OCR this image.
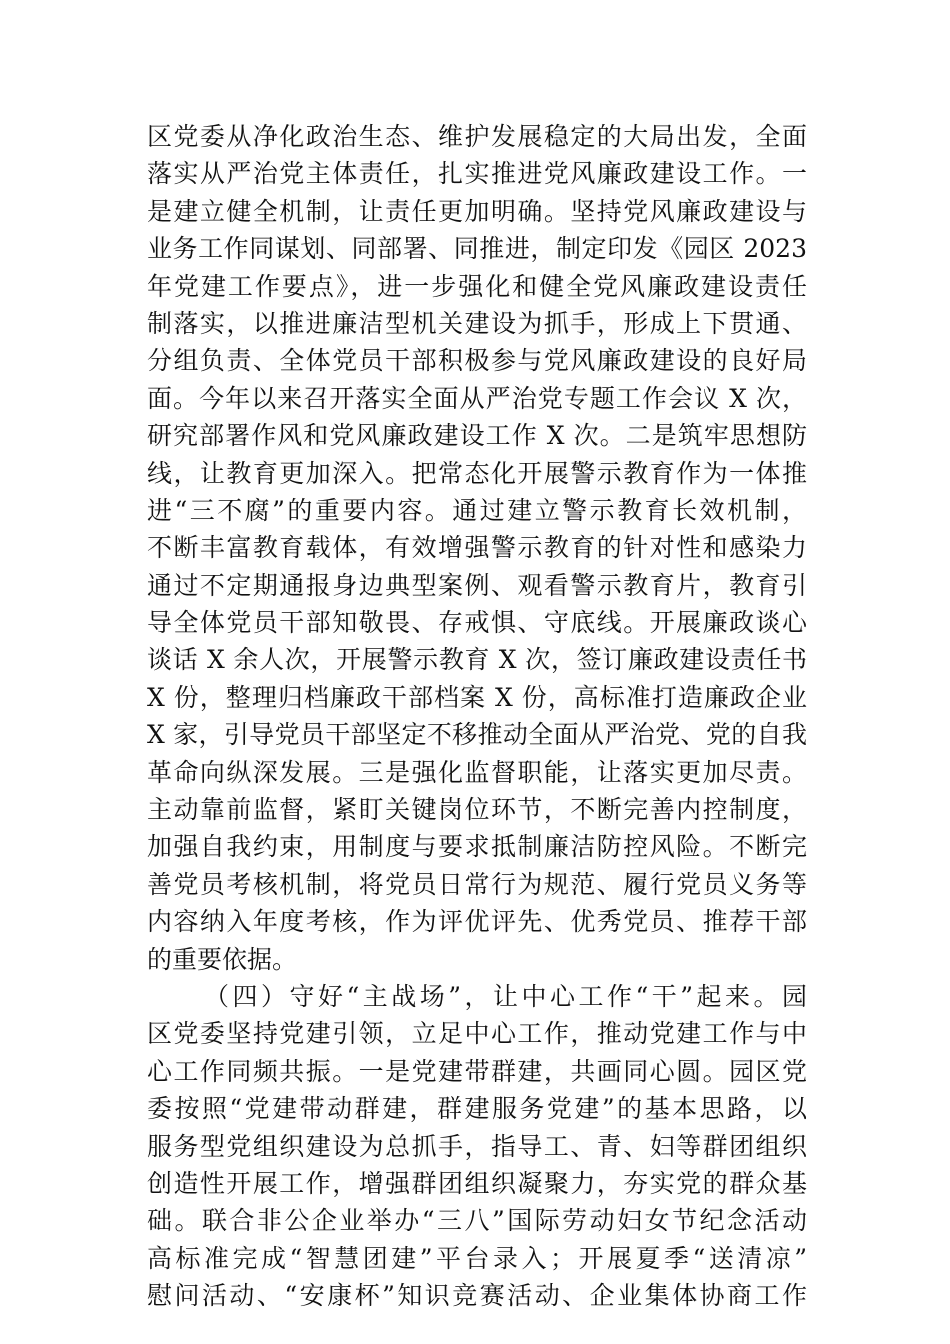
区党委从净化政治生态、维护发展稳定的大局出发，全面
落实从严治党主体责任，扎实推进党风廉政建设工作。一
是建立健全机制，让责任更加明确。坚持党风廉政建设与
业务工作同谋划、同部署、同推进，制定印发《园区 2023
年党建工作要点》，进一步强化和健全党风廉政建设责任
制落实，以推进廉洁型机关建设为抓手，形成上下贯通、
分组负责、全体党员干部积极参与党风廉政建设的良好局
面。今年以来召开落实全面从严治党专题工作会议 X 次，
研究部署作风和党风廉政建设工作 X 次。二是筑牢思想防
线，让教育更加深入。把常态化开展警示教育作为一体推
进“三不腐”的重要内容。通过建立警示教育长效机制，
不断丰富教育载体，有效增强警示教育的针对性和感染力
通过不定期通报身边典型案例、观看警示教育片，教育引
导全体党员干部知敬畏、存戒惧、守底线。开展廉政谈心
谈话 X 余人次，开展警示教育 X 次，签订廉政建设责任书
X 份，整理归档廉政干部档案 X 份，高标准打造廉政企业
X 家，引导党员干部坚定不移推动全面从严治党、党的自我
革命向纵深发展。三是强化监督职能，让落实更加尽责。
主动靠前监督，紧盯关键岗位环节，不断完善内控制度，
加强自我约束，用制度与要求抵制廉洁防控风险。不断完
善党员考核机制，将党员日常行为规范、履行党员义务等
内容纳入年度考核，作为评优评先、优秀党员、推荐干部
的重要依据。
（四）守好“主战场”，让中心工作“干”起来。园
区党委坚持党建引领，立足中心工作，推动党建工作与中
心工作同频共振。一是党建带群建，共画同心圆。园区党
委按照“党建带动群建，群建服务党建”的基本思路，以
服务型党组织建设为总抓手，指导工、青、妇等群团组织
创造性开展工作，增强群团组织凝聚力，夯实党的群众基
础。联合非公企业举办“三八”国际劳动妇女节纪念活动
高标准完成“智慧团建”平台录入；开展夏季“送清凉”
慰问活动、“安康杯”知识竞赛活动、企业集体协商工作
